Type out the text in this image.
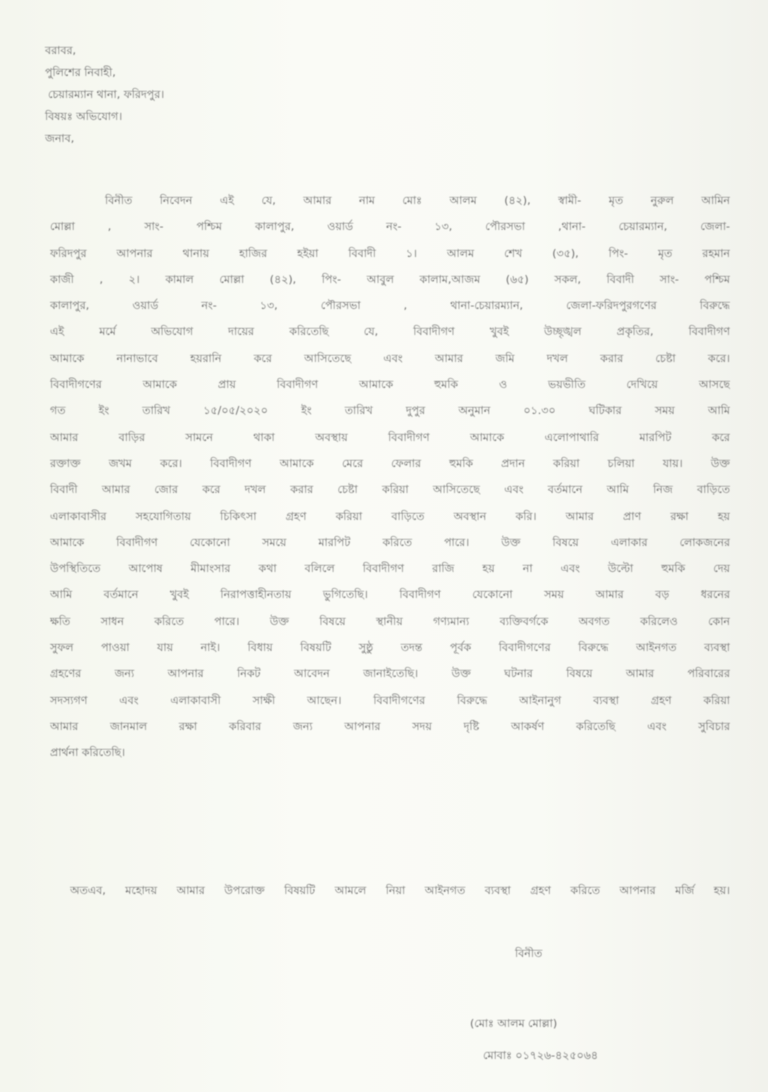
বরাবর,
পুলিশের নিবাহী,
চেয়ারম্যান থানা, ফরিদপুর।
বিষয়ঃ অভিযোগ।
জনাব,
বিনীত নিবেদন এই যে, আমার নাম মোঃ আলম (৪২), স্বামী- মৃত নুরুল আমিন
মোল্লা , সাং- পশ্চিম কালাপুর, ওয়ার্ড নং- ১৩, পৌরসভা ,থানা- চেয়ারম্যান, জেলা-
ফরিদপুর আপনার থানায় হাজির হইয়া বিবাদী ১। আলম শেখ (৩৫), পিং- মৃত রহমান
কাজী , ২। কামাল মোল্লা (৪২), পিং- আবুল কালাম,আজম (৬৫) সকল, বিবাদী সাং- পশ্চিম
কালাপুর, ওয়ার্ড নং- ১৩, পৌরসভা , থানা-চেয়ারম্যান, জেলা-ফরিদপুরগণের বিরুদ্ধে
এই মর্মে অভিযোগ দায়ের করিতেছি যে, বিবাদীগণ খুবই উচ্ছৃঙ্খল প্রকৃতির, বিবাদীগণ
আমাকে নানাভাবে হয়রানি করে আসিতেছে এবং আমার জমি দখল করার চেষ্টা করে।
বিবাদীগণের আমাকে প্রায় বিবাদীগণ আমাকে হুমকি ও ভয়ভীতি দেখিয়ে আসছে
গত ইং তারিখ ১৫/০৫/২০২০ ইং তারিখ দুপুর অনুমান ০১.৩০ ঘটিকার সময় আমি
আমার বাড়ির সামনে থাকা অবস্থায় বিবাদীগণ আমাকে এলোপাথারি মারপিট করে
রক্তাক্ত জখম করে। বিবাদীগণ আমাকে মেরে ফেলার হুমকি প্রদান করিয়া চলিয়া যায়। উক্ত
বিবাদী আমার জোর করে দখল করার চেষ্টা করিয়া আসিতেছে এবং বর্তমানে আমি নিজ বাড়িতে
এলাকাবাসীর সহযোগিতায় চিকিৎসা গ্রহণ করিয়া বাড়িতে অবস্থান করি। আমার প্রাণ রক্ষা হয়
আমাকে বিবাদীগণ যেকোনো সময়ে মারপিট করিতে পারে। উক্ত বিষয়ে এলাকার লোকজনের
উপস্থিতিতে আপোষ মীমাংসার কথা বলিলে বিবাদীগণ রাজি হয় না এবং উল্টো হুমকি দেয়
আমি বর্তমানে খুবই নিরাপত্তাহীনতায় ভুগিতেছি। বিবাদীগণ যেকোনো সময় আমার বড় ধরনের
ক্ষতি সাধন করিতে পারে। উক্ত বিষয়ে স্থানীয় গণ্যমান্য ব্যক্তিবর্গকে অবগত করিলেও কোন
সুফল পাওয়া যায় নাই। বিধায় বিষয়টি সুষ্ঠু তদন্ত পূর্বক বিবাদীগণের বিরুদ্ধে আইনগত ব্যবস্থা
গ্রহণের জন্য আপনার নিকট আবেদন জানাইতেছি। উক্ত ঘটনার বিষয়ে আমার পরিবারের
সদস্যগণ এবং এলাকাবাসী সাক্ষী আছেন। বিবাদীগণের বিরুদ্ধে আইনানুগ ব্যবস্থা গ্রহণ করিয়া
আমার জানমাল রক্ষা করিবার জন্য আপনার সদয় দৃষ্টি আকর্ষণ করিতেছি এবং সুবিচার
প্রার্থনা করিতেছি।
অতএব, মহোদয় আমার উপরোক্ত বিষয়টি আমলে নিয়া আইনগত ব্যবস্থা গ্রহণ করিতে আপনার মর্জি হয়।
বিনীত
(মোঃ আলম মোল্লা)
মোবাঃ ০১৭২৬-৪২৫০৬৪
